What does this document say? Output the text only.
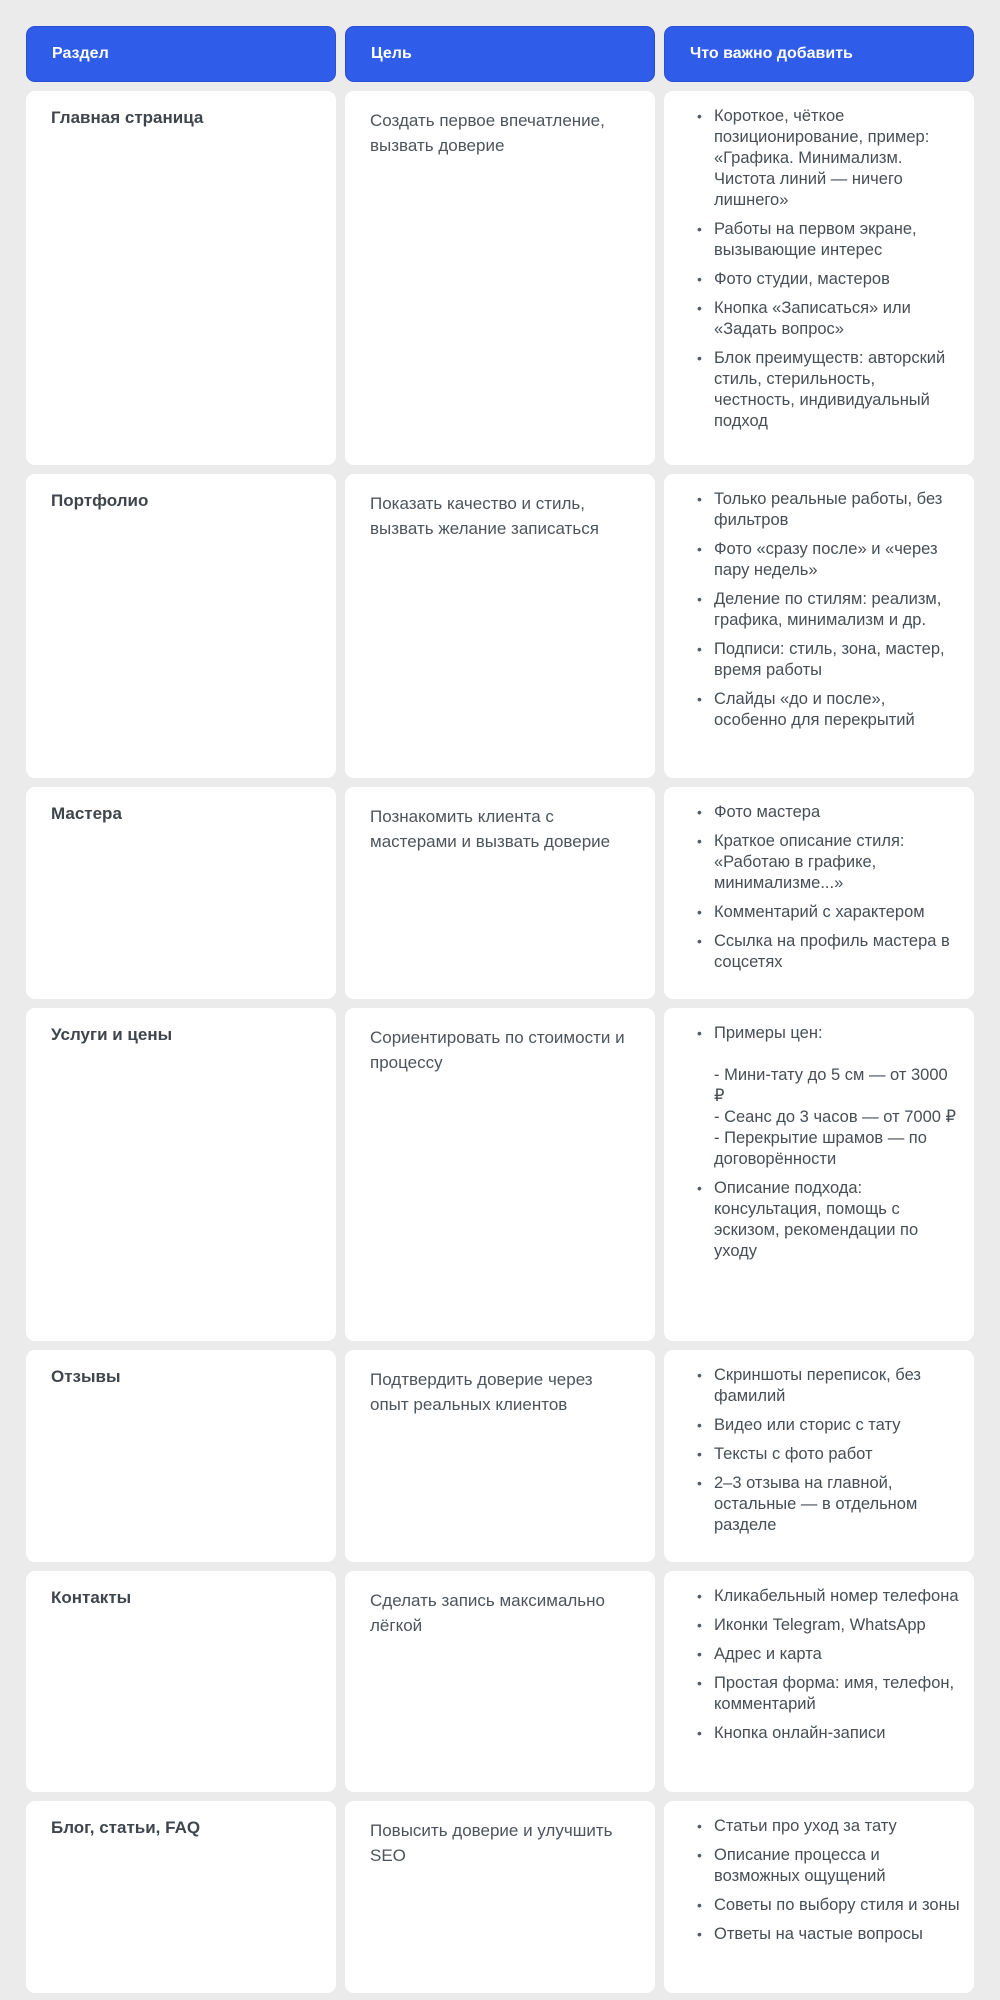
Раздел	Цель	Что важно добавить
Главная страница	Создать первое впечатление, вызвать доверие
• Короткое, чёткое позиционирование, пример: «Графика. Минимализм. Чистота линий — ничего лишнего»
• Работы на первом экране, вызывающие интерес
• Фото студии, мастеров
• Кнопка «Записаться» или «Задать вопрос»
• Блок преимуществ: авторский стиль, стерильность, честность, индивидуальный подход
Портфолио	Показать качество и стиль, вызвать желание записаться
• Только реальные работы, без фильтров
• Фото «сразу после» и «через пару недель»
• Деление по стилям: реализм, графика, минимализм и др.
• Подписи: стиль, зона, мастер, время работы
• Слайды «до и после», особенно для перекрытий
Мастера	Познакомить клиента с мастерами и вызвать доверие
• Фото мастера
• Краткое описание стиля: «Работаю в графике, минимализме...»
• Комментарий с характером
• Ссылка на профиль мастера в соцсетях
Услуги и цены	Сориентировать по стоимости и процессу
• Примеры цен:

- Мини-тату до 5 см — от 3000 ₽
- Сеанс до 3 часов — от 7000 ₽
- Перекрытие шрамов — по договорённости

• Описание подхода: консультация, помощь с эскизом, рекомендации по уходу
Отзывы	Подтвердить доверие через опыт реальных клиентов
• Скриншоты переписок, без фамилий
• Видео или сторис с тату
• Тексты с фото работ
• 2–3 отзыва на главной, остальные — в отдельном разделе
Контакты	Сделать запись максимально лёгкой
• Кликабельный номер телефона
• Иконки Telegram, WhatsApp
• Адрес и карта
• Простая форма: имя, телефон, комментарий
• Кнопка онлайн-записи
Блог, статьи, FAQ	Повысить доверие и улучшить SEO
• Статьи про уход за тату
• Описание процесса и возможных ощущений
• Советы по выбору стиля и зоны
• Ответы на частые вопросы
